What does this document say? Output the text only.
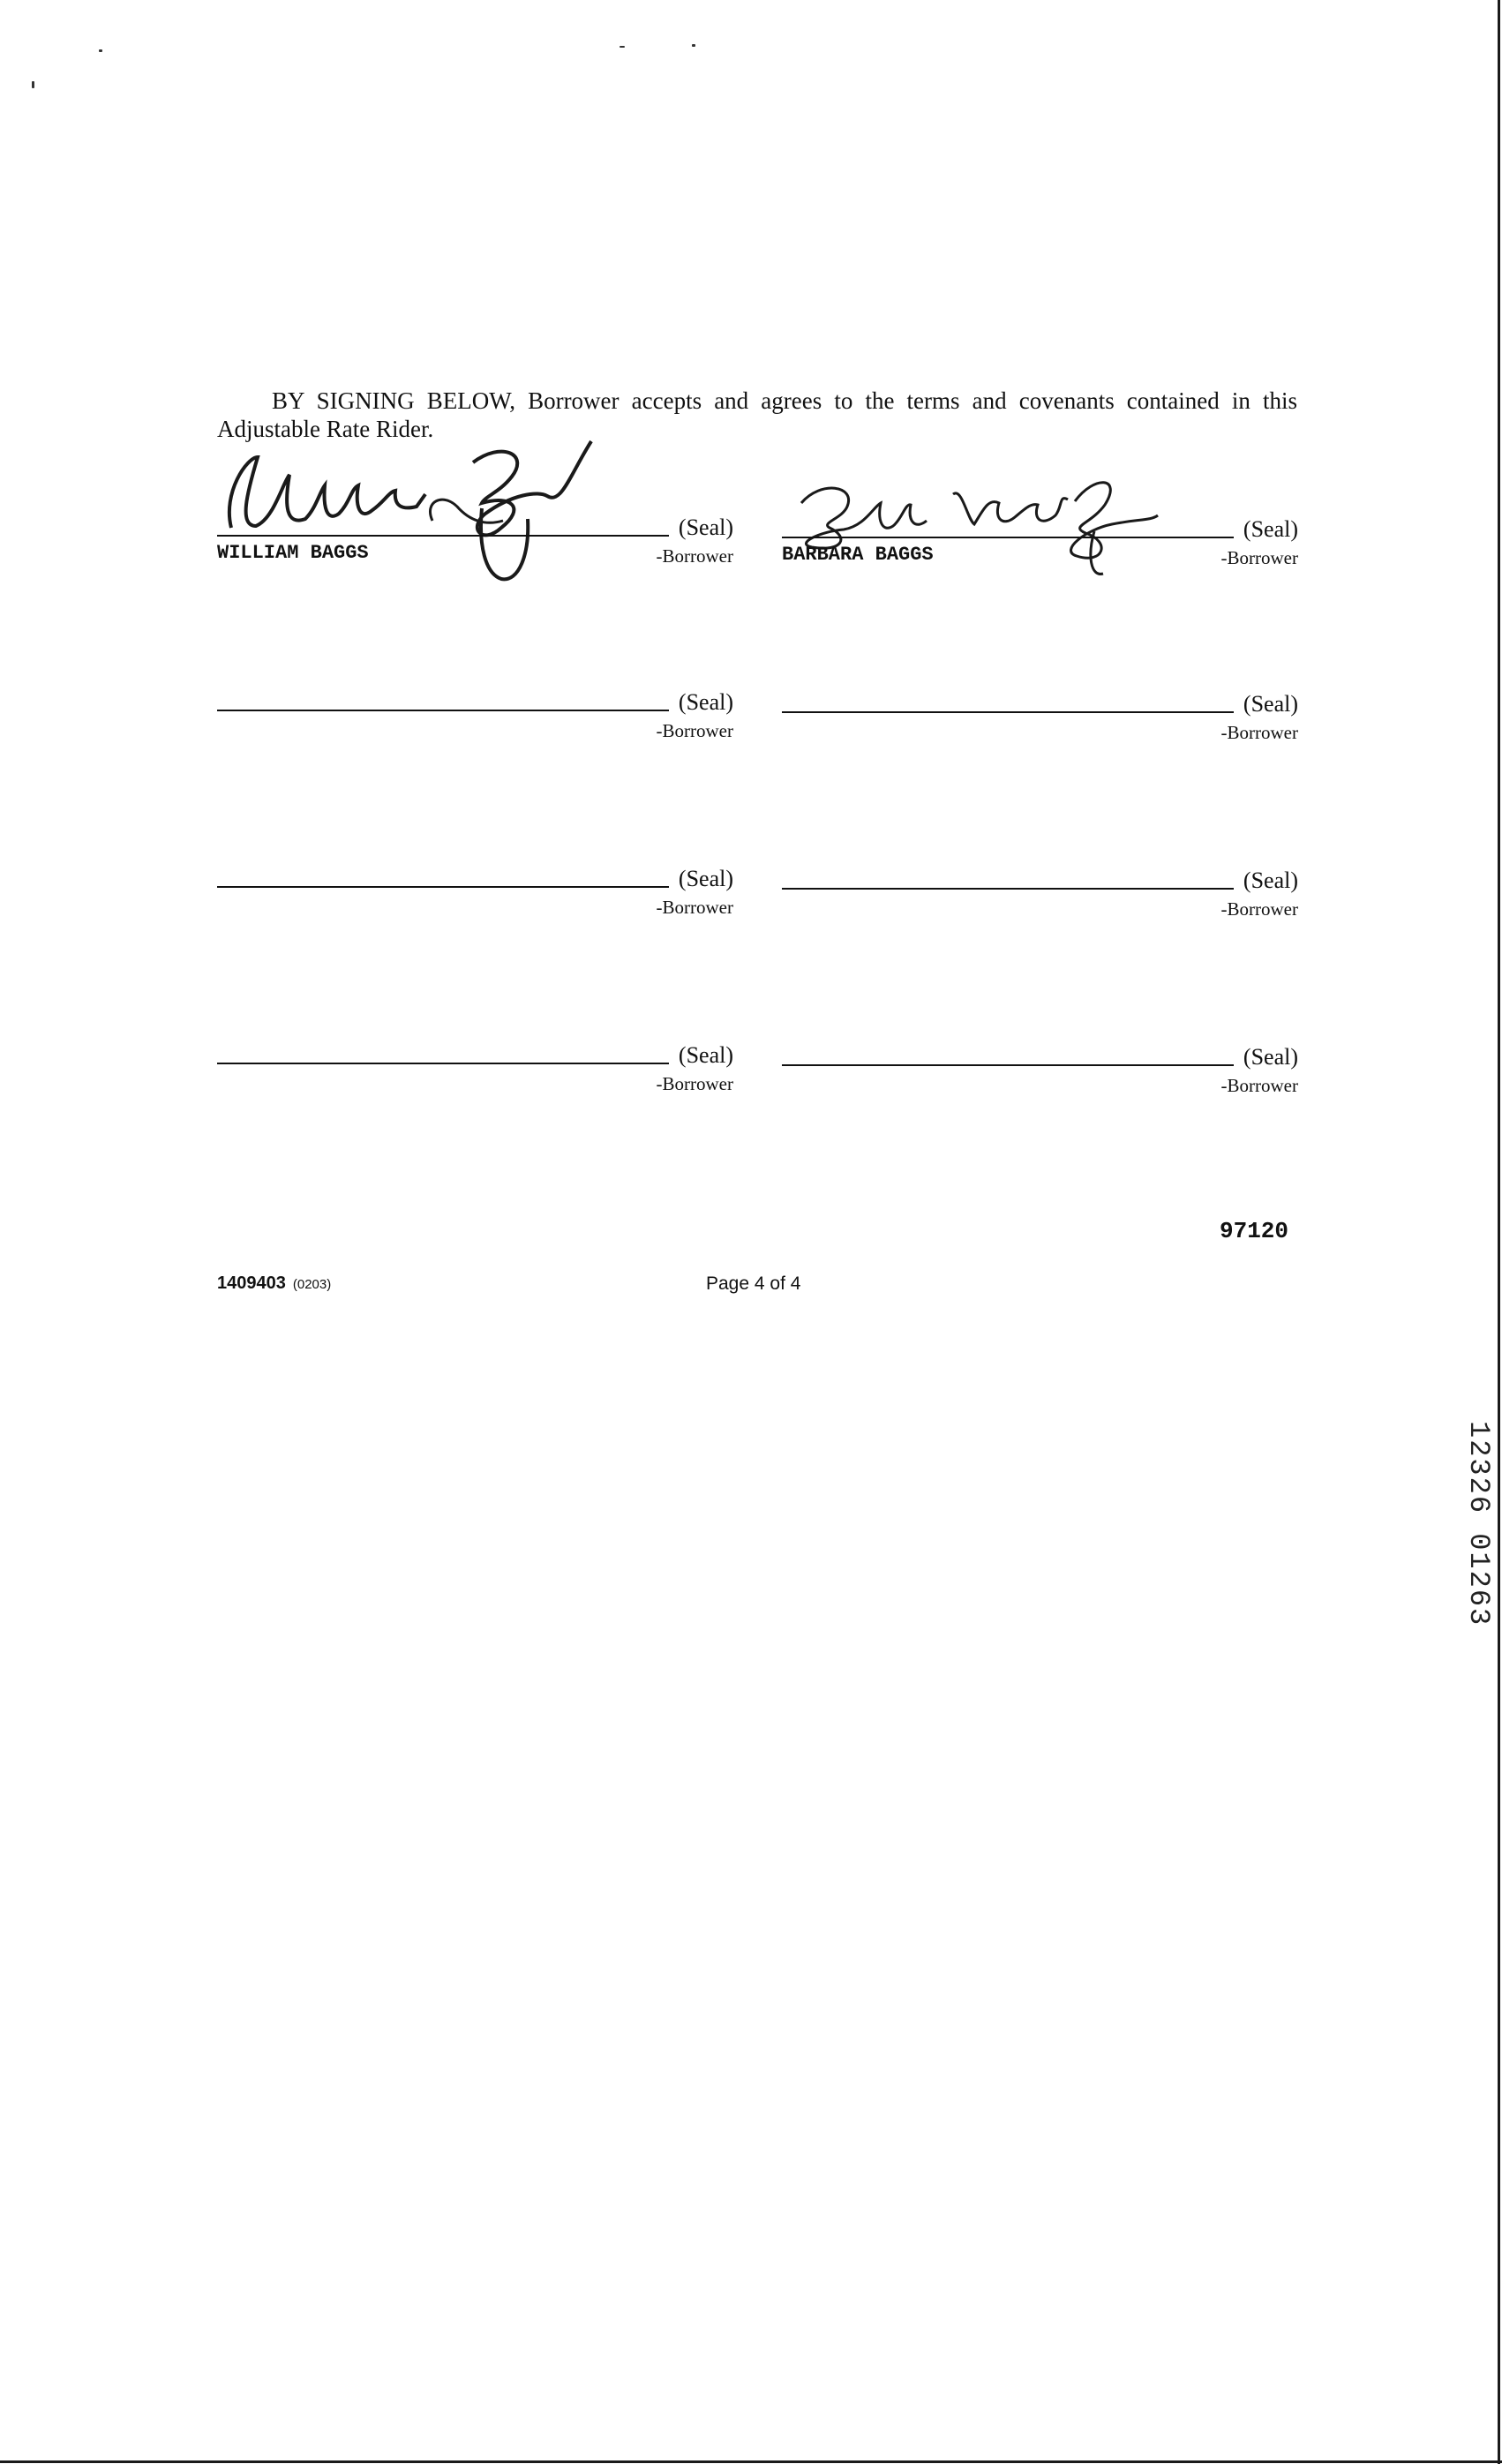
BY SIGNING BELOW, Borrower accepts and agrees to the terms and covenants contained in this Adjustable Rate Rider.

(Seal)
WILLIAM BAGGS	-Borrower
(Seal)
BARBARA BAGGS	-Borrower
(Seal)
-Borrower
(Seal)
-Borrower
(Seal)
-Borrower
(Seal)
-Borrower
(Seal)
-Borrower
(Seal)
-Borrower
97120
1409403 (0203)	Page 4 of 4
12326 01263
